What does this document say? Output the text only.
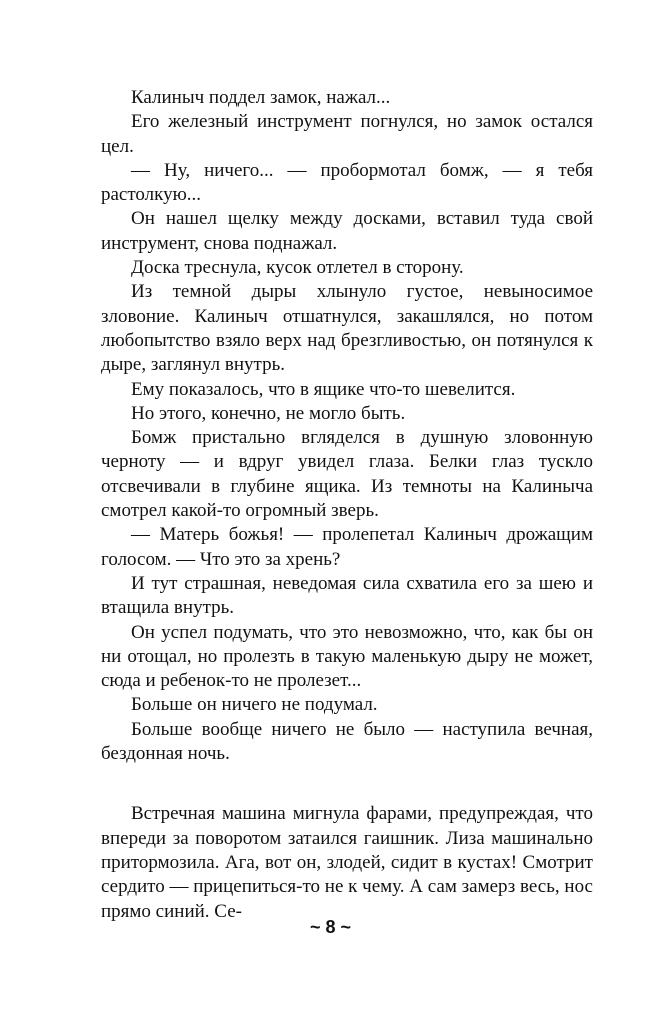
Калиныч поддел замок, нажал...

Его железный инструмент погнулся, но замок остался цел.

— Ну, ничего... — пробормотал бомж, — я тебя растолкую...

Он нашел щелку между досками, вставил туда свой инструмент, снова поднажал.

Доска треснула, кусок отлетел в сторону.

Из темной дыры хлынуло густое, невыносимое зловоние. Калиныч отшатнулся, закашлялся, но потом любопытство взяло верх над брезгливостью, он потянулся к дыре, заглянул внутрь.

Ему показалось, что в ящике что-то шевелится.

Но этого, конечно, не могло быть.

Бомж пристально вгляделся в душную зловонную черноту — и вдруг увидел глаза. Белки глаз тускло отсвечивали в глубине ящика. Из темноты на Калиныча смотрел какой-то огромный зверь.

— Матерь божья! — пролепетал Калиныч дрожащим голосом. — Что это за хрень?

И тут страшная, неведомая сила схватила его за шею и втащила внутрь.

Он успел подумать, что это невозможно, что, как бы он ни отощал, но пролезть в такую маленькую дыру не может, сюда и ребенок-то не пролезет...

Больше он ничего не подумал.

Больше вообще ничего не было — наступила вечная, бездонная ночь.

Встречная машина мигнула фарами, предупреждая, что впереди за поворотом затаился гаишник. Лиза машинально притормозила. Ага, вот он, злодей, сидит в кустах! Смотрит сердито — прицепиться-то не к чему. А сам замерз весь, нос прямо синий. Се-

~ 8 ~
